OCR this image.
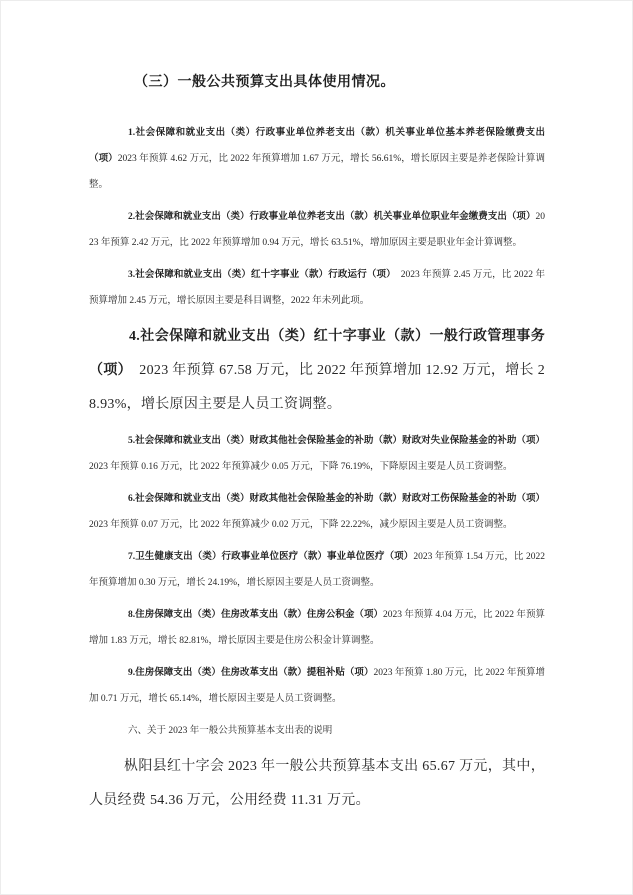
（三）一般公共预算支出具体使用情况。

1.社会保障和就业支出（类）行政事业单位养老支出（款）机关事业单位基本养老保险缴费支出（项）2023 年预算 4.62 万元，比 2022 年预算增加 1.67 万元，增长 56.61%，增长原因主要是养老保险计算调整。

2.社会保障和就业支出（类）行政事业单位养老支出（款）机关事业单位职业年金缴费支出（项）2023 年预算 2.42 万元，比 2022 年预算增加 0.94 万元，增长 63.51%，增加原因主要是职业年金计算调整。

3.社会保障和就业支出（类）红十字事业（款）行政运行（项）　2023 年预算 2.45 万元，比 2022 年预算增加 2.45 万元，增长原因主要是科目调整，2022 年未列此项。

4.社会保障和就业支出（类）红十字事业（款）一般行政管理事务（项）　2023 年预算 67.58 万元，比 2022 年预算增加 12.92 万元，增长 28.93%，增长原因主要是人员工资调整。

5.社会保障和就业支出（类）财政其他社会保险基金的补助（款）财政对失业保险基金的补助（项）2023 年预算 0.16 万元，比 2022 年预算减少 0.05 万元，下降 76.19%，下降原因主要是人员工资调整。

6.社会保障和就业支出（类）财政其他社会保险基金的补助（款）财政对工伤保险基金的补助（项）2023 年预算 0.07 万元，比 2022 年预算减少 0.02 万元，下降 22.22%，减少原因主要是人员工资调整。

7.卫生健康支出（类）行政事业单位医疗（款）事业单位医疗（项）2023 年预算 1.54 万元，比 2022 年预算增加 0.30 万元，增长 24.19%，增长原因主要是人员工资调整。

8.住房保障支出（类）住房改革支出（款）住房公积金（项）2023 年预算 4.04 万元，比 2022 年预算增加 1.83 万元，增长 82.81%，增长原因主要是住房公积金计算调整。

9.住房保障支出（类）住房改革支出（款）提租补贴（项）2023 年预算 1.80 万元，比 2022 年预算增加 0.71 万元，增长 65.14%，增长原因主要是人员工资调整。

六、关于 2023 年一般公共预算基本支出表的说明

枞阳县红十字会 2023 年一般公共预算基本支出 65.67 万元，其中，人员经费 54.36 万元，公用经费 11.31 万元。
